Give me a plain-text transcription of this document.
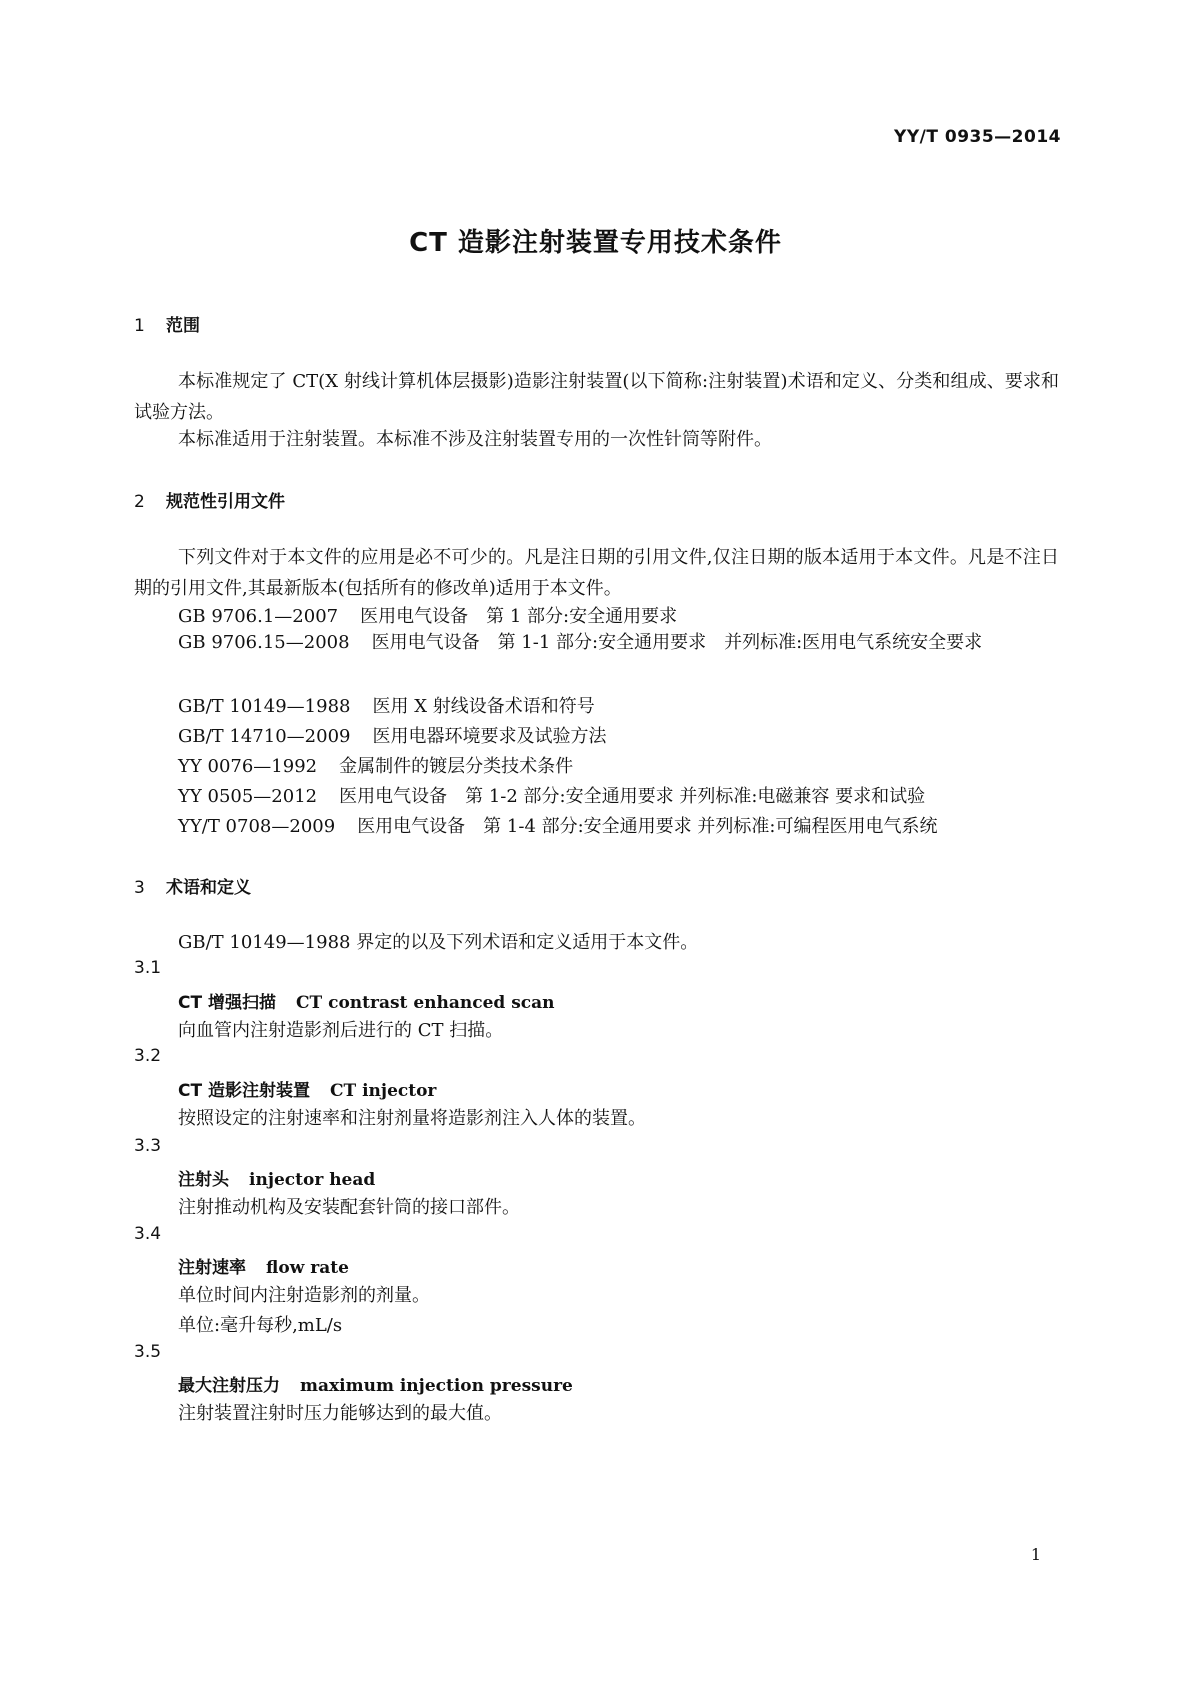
YY/T 0935—2014
CT 造影注射装置专用技术条件
1 范围
本标准规定了 CT(X 射线计算机体层摄影)造影注射装置(以下简称:注射装置)术语和定义、分类和组成、要求和试验方法。
本标准适用于注射装置。本标准不涉及注射装置专用的一次性针筒等附件。
2 规范性引用文件
下列文件对于本文件的应用是必不可少的。凡是注日期的引用文件,仅注日期的版本适用于本文件。凡是不注日期的引用文件,其最新版本(包括所有的修改单)适用于本文件。
GB 9706.1—2007 医用电气设备　第 1 部分:安全通用要求
GB 9706.15—2008 医用电气设备　第 1-1 部分:安全通用要求　并列标准:医用电气系统安全要求
GB/T 10149—1988 医用 X 射线设备术语和符号
GB/T 14710—2009 医用电器环境要求及试验方法
YY 0076—1992 金属制件的镀层分类技术条件
YY 0505—2012 医用电气设备　第 1-2 部分:安全通用要求 并列标准:电磁兼容 要求和试验
YY/T 0708—2009 医用电气设备　第 1-4 部分:安全通用要求 并列标准:可编程医用电气系统
3 术语和定义
GB/T 10149—1988 界定的以及下列术语和定义适用于本文件。
3.1
CT 增强扫描 CT contrast enhanced scan
向血管内注射造影剂后进行的 CT 扫描。
3.2
CT 造影注射装置 CT injector
按照设定的注射速率和注射剂量将造影剂注入人体的装置。
3.3
注射头 injector head
注射推动机构及安装配套针筒的接口部件。
3.4
注射速率 flow rate
单位时间内注射造影剂的剂量。
单位:毫升每秒,mL/s
3.5
最大注射压力 maximum injection pressure
注射装置注射时压力能够达到的最大值。
1
